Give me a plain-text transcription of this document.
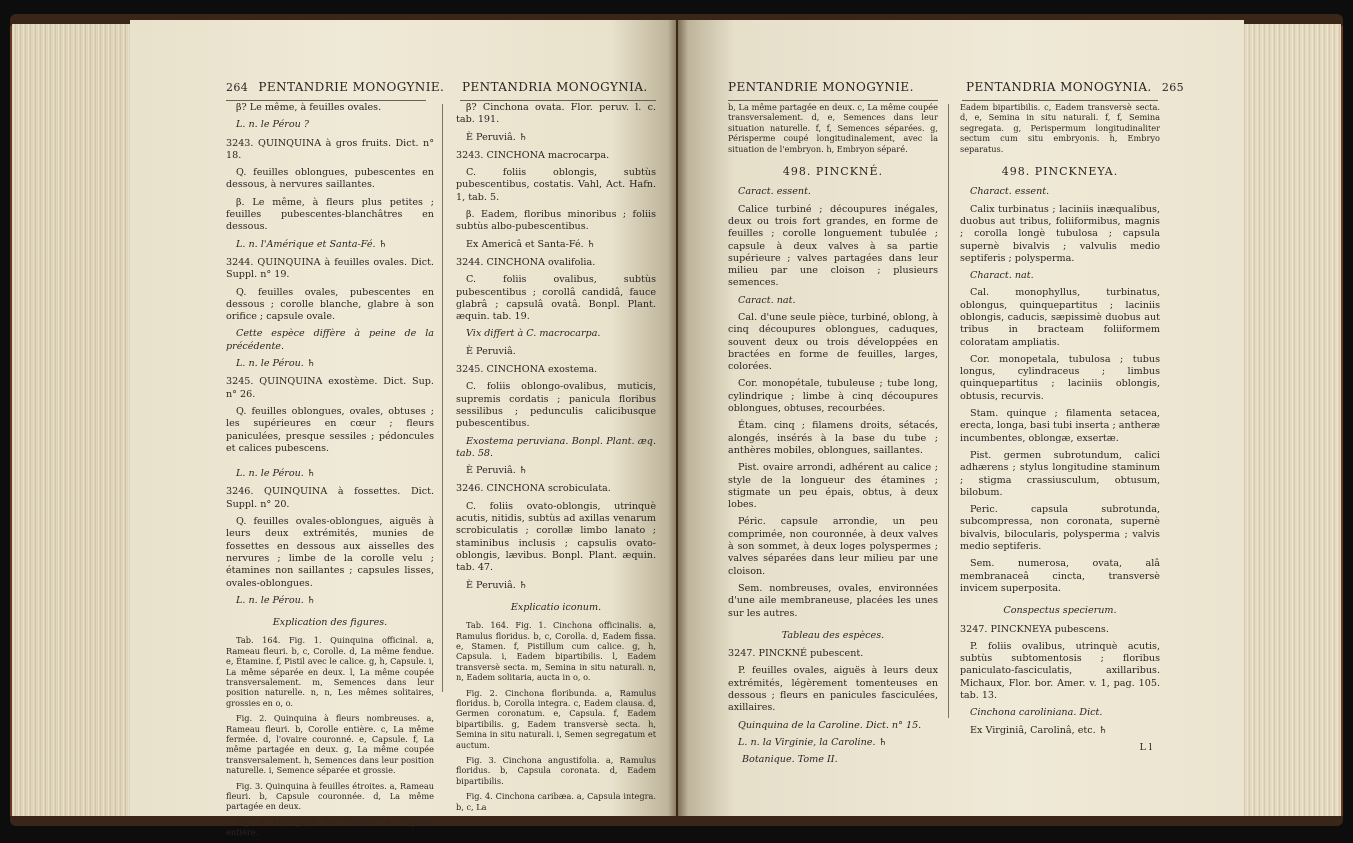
264 PENTANDRIE MONOGYNIE. PENTANDRIA MONOGYNIA.

β? Le même, à feuilles ovales.

L. n. le Pérou ?

3243. QUINQUINA à gros fruits. Dict. n° 18.

Q. feuilles oblongues, pubescentes en dessous, à nervures saillantes.

β. Le même, à fleurs plus petites ; feuilles pubescentes-blanchâtres en dessous.

L. n. l'Amérique et Santa-Fé. ♄

3244. QUINQUINA à feuilles ovales. Dict. Suppl. n° 19.

Q. feuilles ovales, pubescentes en dessous ; corolle blanche, glabre à son orifice ; capsule ovale.

Cette espèce diffère à peine de la précédente.

L. n. le Pérou. ♄

3245. QUINQUINA exostème. Dict. Sup. n° 26.

Q. feuilles oblongues, ovales, obtuses ; les supérieures en cœur ; fleurs paniculées, presque sessiles ; pédoncules et calices pubescens.

L. n. le Pérou. ♄

3246. QUINQUINA à fossettes. Dict. Suppl. n° 20.

Q. feuilles ovales-oblongues, aiguës à leurs deux extrémités, munies de fossettes en dessous aux aisselles des nervures ; limbe de la corolle velu ; étamines non saillantes ; capsules lisses, ovales-oblongues.

L. n. le Pérou. ♄

Explication des figures.

Tab. 164. Fig. 1. Quinquina officinal. a, Rameau fleuri. b, c, Corolle. d, La même fendue. e, Étamine. f, Pistil avec le calice. g, h, Capsule. i, La même séparée en deux. l, La même coupée transversalement. m, Semences dans leur position naturelle. n, n, Les mêmes solitaires, grossies en o, o.

Fig. 2. Quinquina à fleurs nombreuses. a, Rameau fleuri. b, Corolle entière. c, La même fermée. d, l'ovaire couronné. e, Capsule. f, La même partagée en deux. g, La même coupée transversalement. h, Semences dans leur position naturelle. i, Semence séparée et grossie.

Fig. 3. Quinquina à feuilles étroites. a, Rameau fleuri. b, Capsule couronnée. d, La même partagée en deux.

Fig. 4. Quinquina des Caribes. a, Capsule entière.

β? Cinchona ovata. Flor. peruv. l. c. tab. 191.

È Peruviâ. ♄

3243. CINCHONA macrocarpa.

C. foliis oblongis, subtùs pubescentibus, costatis. Vahl, Act. Hafn. 1, tab. 5.

β. Eadem, floribus minoribus ; foliis subtùs albo-pubescentibus.

Ex Americâ et Santa-Fé. ♄

3244. CINCHONA ovalifolia.

C. foliis ovalibus, subtùs pubescentibus ; corollâ candidâ, fauce glabrâ ; capsulâ ovatâ. Bonpl. Plant. æquin. tab. 19.

Vix differt à C. macrocarpa.

È Peruviâ.

3245. CINCHONA exostema.

C. foliis oblongo-ovalibus, muticis, supremis cordatis ; panicula floribus sessilibus ; pedunculis calicibusque pubescentibus.

Exostema peruviana. Bonpl. Plant. æq. tab. 58.

È Peruviâ. ♄

3246. CINCHONA scrobiculata.

C. foliis ovato-oblongis, utrinquè acutis, nitidis, subtùs ad axillas venarum scrobiculatis ; corollæ limbo lanato ; staminibus inclusis ; capsulis ovato-oblongis, lævibus. Bonpl. Plant. æquin. tab. 47.

È Peruviâ. ♄

Explicatio iconum.

Tab. 164. Fig. 1. Cinchona officinalis. a, Ramulus floridus. b, c, Corolla. d, Eadem fissa. e, Stamen. f, Pistillum cum calice. g, h, Capsula. i, Eadem bipartibilis. l, Eadem transversè secta. m, Semina in situ naturali. n, n, Eadem solitaria, aucta in o, o.

Fig. 2. Cinchona floribunda. a, Ramulus floridus. b, Corolla integra. c, Eadem clausa. d, Germen coronatum. e, Capsula. f, Eadem bipartibilis. g, Eadem transversè secta. h, Semina in situ naturali. i, Semen segregatum et auctum.

Fig. 3. Cinchona angustifolia. a, Ramulus floridus. b, Capsula coronata. d, Eadem bipartibilis.

Fig. 4. Cinchona caribæa. a, Capsula integra. b, c, La

PENTANDRIE MONOGYNIE.	PENTANDRIA MONOGYNIA. 265

b, La même partagée en deux. c, La même coupée transversalement. d, e, Semences dans leur situation naturelle. f, f, Semences séparées. g, Périsperme coupé longitudinalement, avec la situation de l'embryon. h, Embryon séparé.

498. PINCKNÉ.

Caract. essent.

Calice turbiné ; découpures inégales, deux ou trois fort grandes, en forme de feuilles ; corolle longuement tubulée ; capsule à deux valves à sa partie supérieure ; valves partagées dans leur milieu par une cloison ; plusieurs semences.

Caract. nat.

Cal. d'une seule pièce, turbiné, oblong, à cinq découpures oblongues, caduques, souvent deux ou trois développées en bractées en forme de feuilles, larges, colorées.

Cor. monopétale, tubuleuse ; tube long, cylindrique ; limbe à cinq découpures oblongues, obtuses, recourbées.

Étam. cinq ; filamens droits, sétacés, alongés, insérés à la base du tube ; anthères mobiles, oblongues, saillantes.

Pist. ovaire arrondi, adhérent au calice ; style de la longueur des étamines ; stigmate un peu épais, obtus, à deux lobes.

Péric. capsule arrondie, un peu comprimée, non couronnée, à deux valves à son sommet, à deux loges polyspermes ; valves séparées dans leur milieu par une cloison.

Sem. nombreuses, ovales, environnées d'une aile membraneuse, placées les unes sur les autres.

Tableau des espèces.

3247. PINCKNÉ pubescent.

P. feuilles ovales, aiguës à leurs deux extrémités, légèrement tomenteuses en dessous ; fleurs en panicules fasciculées, axillaires.

Quinquina de la Caroline. Dict. n° 15.

L. n. la Virginie, la Caroline. ♄

Botanique. Tome II.

Eadem bipartibilis. c, Eadem transversè secta. d, e, Semina in situ naturali. f, f, Semina segregata. g, Perispermum longitudinaliter sectum cum situ embryonis. h, Embryo separatus.

498. PINCKNEYA.

Charact. essent.

Calix turbinatus ; laciniis inæqualibus, duobus aut tribus, foliiformibus, magnis ; corolla longè tubulosa ; capsula supernè bivalvis ; valvulis medio septiferis ; polysperma.

Charact. nat.

Cal. monophyllus, turbinatus, oblongus, quinquepartitus ; laciniis oblongis, caducis, sæpissimè duobus aut tribus in bracteam foliiformem coloratam ampliatis.

Cor. monopetala, tubulosa ; tubus longus, cylindraceus ; limbus quinquepartitus ; laciniis oblongis, obtusis, recurvis.

Stam. quinque ; filamenta setacea, erecta, longa, basi tubi inserta ; antheræ incumbentes, oblongæ, exsertæ.

Pist. germen subrotundum, calici adhærens ; stylus longitudine staminum ; stigma crassiusculum, obtusum, bilobum.

Peric. capsula subrotunda, subcompressa, non coronata, supernè bivalvis, bilocularis, polysperma ; valvis medio septiferis.

Sem. numerosa, ovata, alâ membranaceâ cincta, transversè invicem superposita.

Conspectus specierum.

3247. PINCKNEYA pubescens.

P. foliis ovalibus, utrinquè acutis, subtùs subtomentosis ; floribus paniculato-fasciculatis, axillaribus. Michaux, Flor. bor. Amer. v. 1, pag. 105. tab. 13.

Cinchona caroliniana. Dict.

Ex Virginiâ, Carolinâ, etc. ♄

L l
